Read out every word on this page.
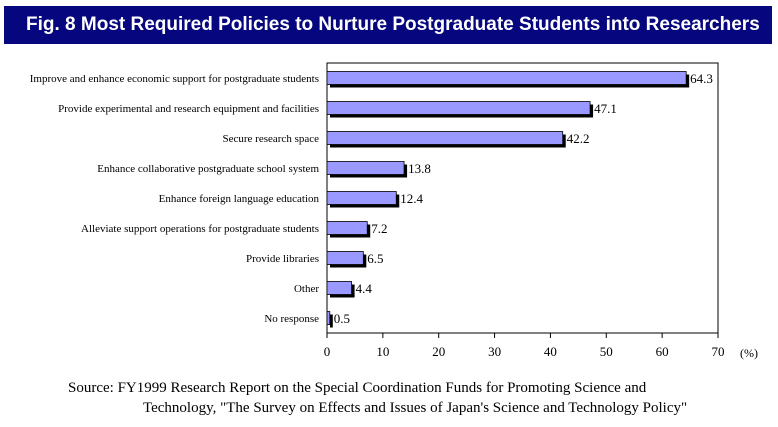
Fig. 8 Most Required Policies to Nurture Postgraduate Students into Researchers
Improve and enhance economic support for postgraduate students	64.3
Provide experimental and research equipment and facilities	47.1
Secure research space	42.2
Enhance collaborative postgraduate school system	13.8
Enhance foreign language education	12.4
Alleviate support operations for postgraduate students	7.2
Provide libraries	6.5
Other	4.4
No response 0.5
0	10	20	30	40	50	60	70 (%)
Source: FY1999 Research Report on the Special Coordination Funds for Promoting Science and
Technology, "The Survey on Effects and Issues of Japan's Science and Technology Policy"
